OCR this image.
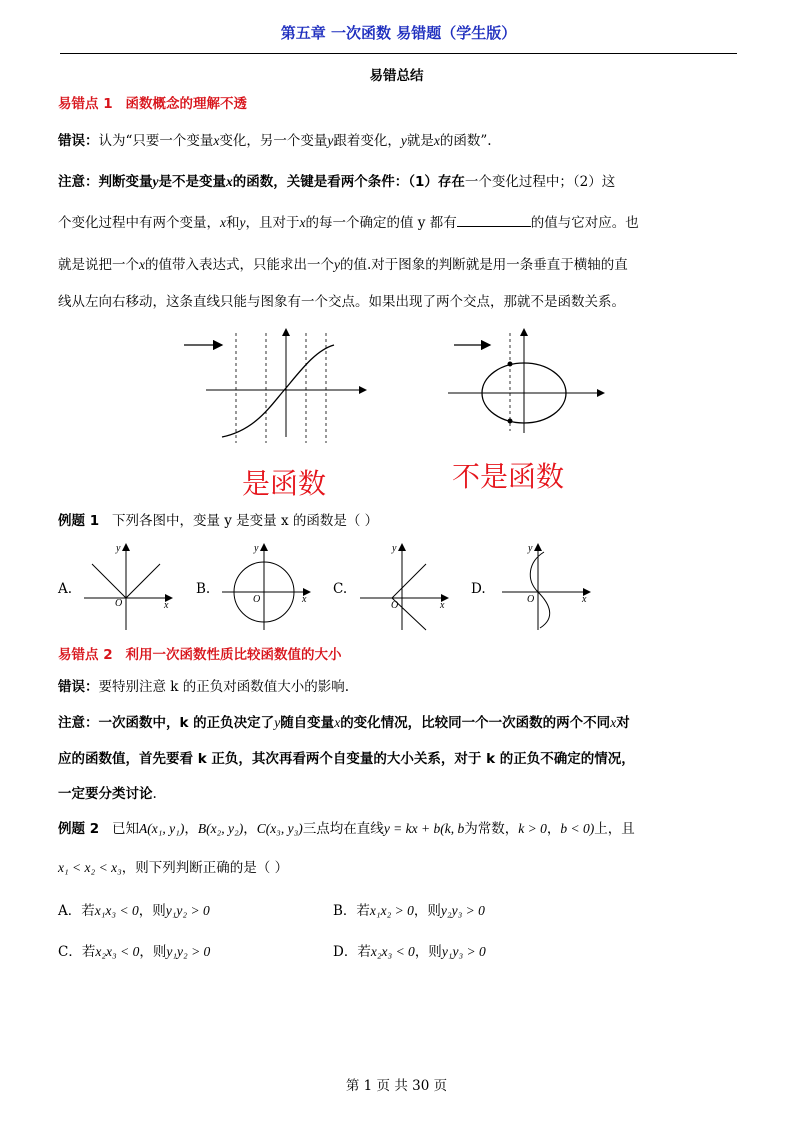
第五章 一次函数 易错题（学生版）
易错总结
易错点 1 函数概念的理解不透
错误：认为“只要一个变量x变化，另一个变量y跟着变化，y就是x的函数”.
注意：判断变量y是不是变量x的函数，关键是看两个条件：（1）存在一个变化过程中；（2）这
个变化过程中有两个变量，x和y，且对于x的每一个确定的值 y 都有	的值与它对应。也
就是说把一个x的值带入表达式，只能求出一个y的值.对于图象的判断就是用一条垂直于横轴的直
线从左向右移动，这条直线只能与图象有一个交点。如果出现了两个交点，那就不是函数关系。
是函数	不是函数
例题 1 下列各图中，变量 y 是变量 x 的函数是（ ）
A.
y
x
O
B.
y
x
O
C.
y
x
O
D.
y
x
O
易错点 2 利用一次函数性质比较函数值的大小
错误：要特别注意 k 的正负对函数值大小的影响.
注意：一次函数中，k 的正负决定了y随自变量x的变化情况，比较同一个一次函数的两个不同x对
应的函数值，首先要看 k 正负，其次再看两个自变量的大小关系，对于 k 的正负不确定的情况，
一定要分类讨论.
例题 2 已知A(x₁, y₁)，B(x₂, y₂)，C(x₃, y₃)三点均在直线y = kx + b(k, b为常数，k > 0，b < 0)上，且
x₁ < x₂ < x₃，则下列判断正确的是（ ）
A．若x₁x₃ < 0，则y₁y₂ > 0	B．若x₁x₂ > 0，则y₂y₃ > 0
C．若x₂x₃ < 0，则y₁y₂ > 0	D．若x₂x₃ < 0，则y₁y₃ > 0
第 1 页 共 30 页
